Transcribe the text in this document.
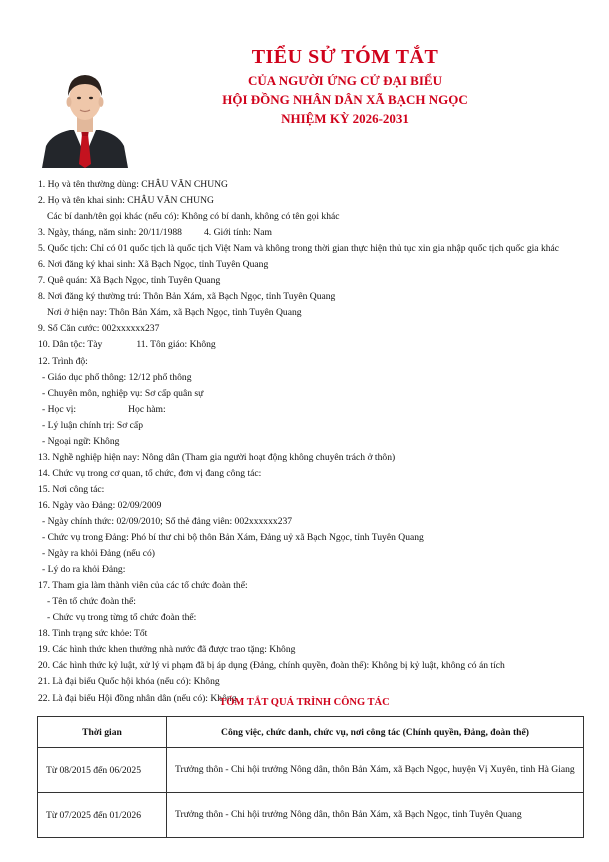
TIỂU SỬ TÓM TẮT
CỦA NGƯỜI ỨNG CỬ ĐẠI BIỂU
HỘI ĐỒNG NHÂN DÂN XÃ BẠCH NGỌC
NHIỆM KỲ 2026-2031
1. Họ và tên thường dùng: CHÂU VĂN CHUNG
2. Họ và tên khai sinh: CHÂU VĂN CHUNG
Các bí danh/tên gọi khác (nếu có): Không có bí danh, không có tên gọi khác
3. Ngày, tháng, năm sinh: 20/11/1988 4. Giới tính: Nam
5. Quốc tịch: Chỉ có 01 quốc tịch là quốc tịch Việt Nam và không trong thời gian thực hiện thủ tục xin gia nhập quốc tịch quốc gia khác
6. Nơi đăng ký khai sinh: Xã Bạch Ngọc, tỉnh Tuyên Quang
7. Quê quán: Xã Bạch Ngọc, tỉnh Tuyên Quang
8. Nơi đăng ký thường trú: Thôn Bản Xám, xã Bạch Ngọc, tỉnh Tuyên Quang
Nơi ở hiện nay: Thôn Bản Xám, xã Bạch Ngọc, tỉnh Tuyên Quang
9. Số Căn cước: 002xxxxxx237
10. Dân tộc: Tày	11. Tôn giáo: Không
12. Trình độ:
- Giáo dục phổ thông: 12/12 phổ thông
- Chuyên môn, nghiệp vụ: Sơ cấp quân sự
- Học vị:	Học hàm:
- Lý luận chính trị: Sơ cấp
- Ngoại ngữ: Không
13. Nghề nghiệp hiện nay: Nông dân (Tham gia người hoạt động không chuyên trách ở thôn)
14. Chức vụ trong cơ quan, tổ chức, đơn vị đang công tác:
15. Nơi công tác:
16. Ngày vào Đảng: 02/09/2009
- Ngày chính thức: 02/09/2010; Số thẻ đảng viên: 002xxxxxx237
- Chức vụ trong Đảng: Phó bí thư chi bộ thôn Bản Xám, Đảng uỷ xã Bạch Ngọc, tỉnh Tuyên Quang
- Ngày ra khỏi Đảng (nếu có)
- Lý do ra khỏi Đảng:
17. Tham gia làm thành viên của các tổ chức đoàn thể:
- Tên tổ chức đoàn thể:
- Chức vụ trong từng tổ chức đoàn thể:
18. Tình trạng sức khỏe: Tốt
19. Các hình thức khen thưởng nhà nước đã được trao tặng: Không
20. Các hình thức kỷ luật, xử lý vi phạm đã bị áp dụng (Đảng, chính quyền, đoàn thể): Không bị kỷ luật, không có án tích
21. Là đại biểu Quốc hội khóa (nếu có): Không
22. Là đại biểu Hội đồng nhân dân (nếu có): Không
TÓM TẮT QUÁ TRÌNH CÔNG TÁC
Thời gian	Công việc, chức danh, chức vụ, nơi công tác (Chính quyền, Đảng, đoàn thể)
Từ 08/2015 đến 06/2025	Trưởng thôn - Chi hội trưởng Nông dân, thôn Bản Xám, xã Bạch Ngọc, huyện Vị Xuyên, tỉnh Hà Giang
Từ 07/2025 đến 01/2026	Trưởng thôn - Chi hội trưởng Nông dân, thôn Bản Xám, xã Bạch Ngọc, tỉnh Tuyên Quang
